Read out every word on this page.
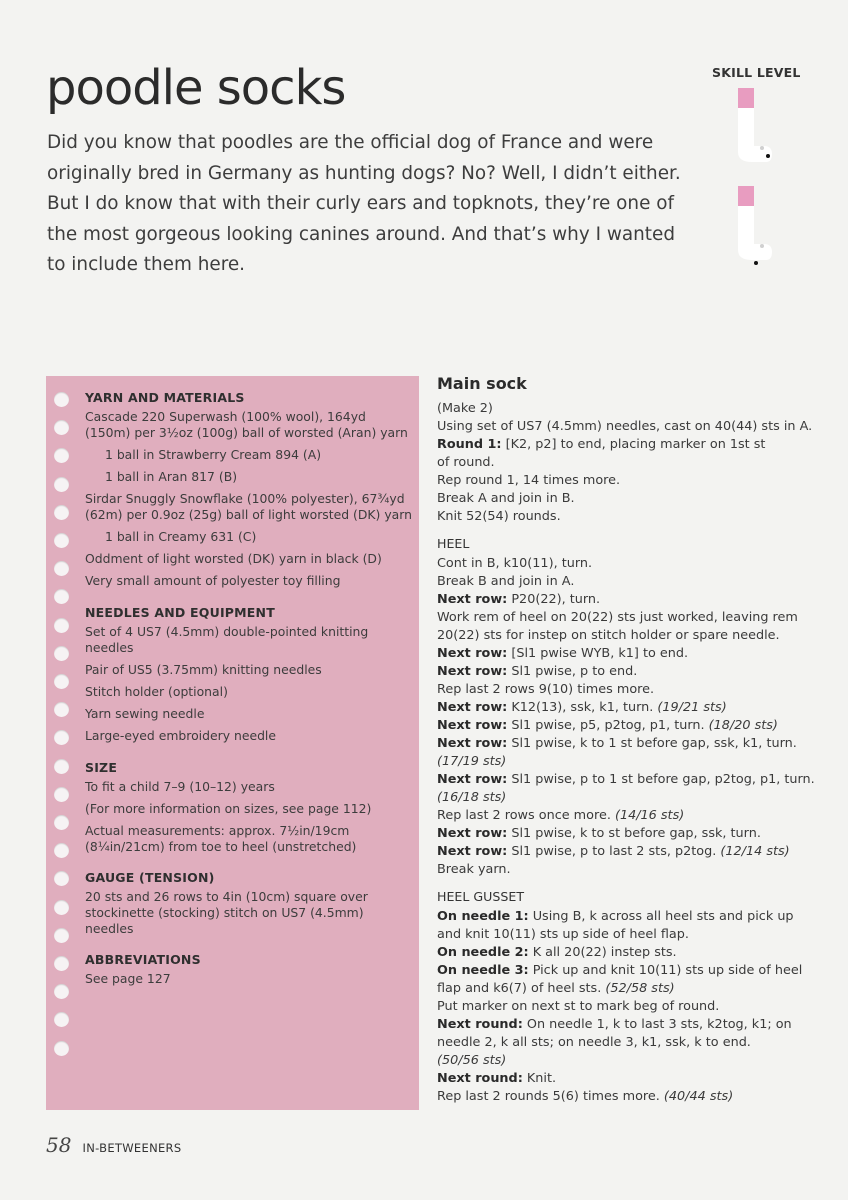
poodle socks

Did you know that poodles are the official dog of France and were originally bred in Germany as hunting dogs? No? Well, I didn’t either. But I do know that with their curly ears and topknots, they’re one of the most gorgeous looking canines around. And that’s why I wanted to include them here.

SKILL LEVEL
YARN AND MATERIALS
Cascade 220 Superwash (100% wool), 164yd (150m) per 3½oz (100g) ball of worsted (Aran) yarn
1 ball in Strawberry Cream 894 (A)
1 ball in Aran 817 (B)
Sirdar Snuggly Snowflake (100% polyester), 67¾yd (62m) per 0.9oz (25g) ball of light worsted (DK) yarn
1 ball in Creamy 631 (C)
Oddment of light worsted (DK) yarn in black (D)
Very small amount of polyester toy filling
NEEDLES AND EQUIPMENT
Set of 4 US7 (4.5mm) double-pointed knitting needles
Pair of US5 (3.75mm) knitting needles
Stitch holder (optional)
Yarn sewing needle
Large-eyed embroidery needle
SIZE
To fit a child 7–9 (10–12) years
(For more information on sizes, see page 112)
Actual measurements: approx. 7½in/19cm (8¼in/21cm) from toe to heel (unstretched)
GAUGE (TENSION)
20 sts and 26 rows to 4in (10cm) square over stockinette (stocking) stitch on US7 (4.5mm) needles
ABBREVIATIONS
See page 127
Main sock
(Make 2)
Using set of US7 (4.5mm) needles, cast on 40(44) sts in A.
Round 1: [K2, p2] to end, placing marker on 1st st
of round.
Rep round 1, 14 times more.
Break A and join in B.
Knit 52(54) rounds.
HEEL
Cont in B, k10(11), turn.
Break B and join in A.
Next row: P20(22), turn.
Work rem of heel on 20(22) sts just worked, leaving rem
20(22) sts for instep on stitch holder or spare needle.
Next row: [Sl1 pwise WYB, k1] to end.
Next row: Sl1 pwise, p to end.
Rep last 2 rows 9(10) times more.
Next row: K12(13), ssk, k1, turn. (19/21 sts)
Next row: Sl1 pwise, p5, p2tog, p1, turn. (18/20 sts)
Next row: Sl1 pwise, k to 1 st before gap, ssk, k1, turn.
(17/19 sts)
Next row: Sl1 pwise, p to 1 st before gap, p2tog, p1, turn.
(16/18 sts)
Rep last 2 rows once more. (14/16 sts)
Next row: Sl1 pwise, k to st before gap, ssk, turn.
Next row: Sl1 pwise, p to last 2 sts, p2tog. (12/14 sts)
Break yarn.
HEEL GUSSET
On needle 1: Using B, k across all heel sts and pick up
and knit 10(11) sts up side of heel flap.
On needle 2: K all 20(22) instep sts.
On needle 3: Pick up and knit 10(11) sts up side of heel
flap and k6(7) of heel sts. (52/58 sts)
Put marker on next st to mark beg of round.
Next round: On needle 1, k to last 3 sts, k2tog, k1; on
needle 2, k all sts; on needle 3, k1, ssk, k to end.
(50/56 sts)
Next round: Knit.
Rep last 2 rounds 5(6) times more. (40/44 sts)
58 IN-BETWEENERS
